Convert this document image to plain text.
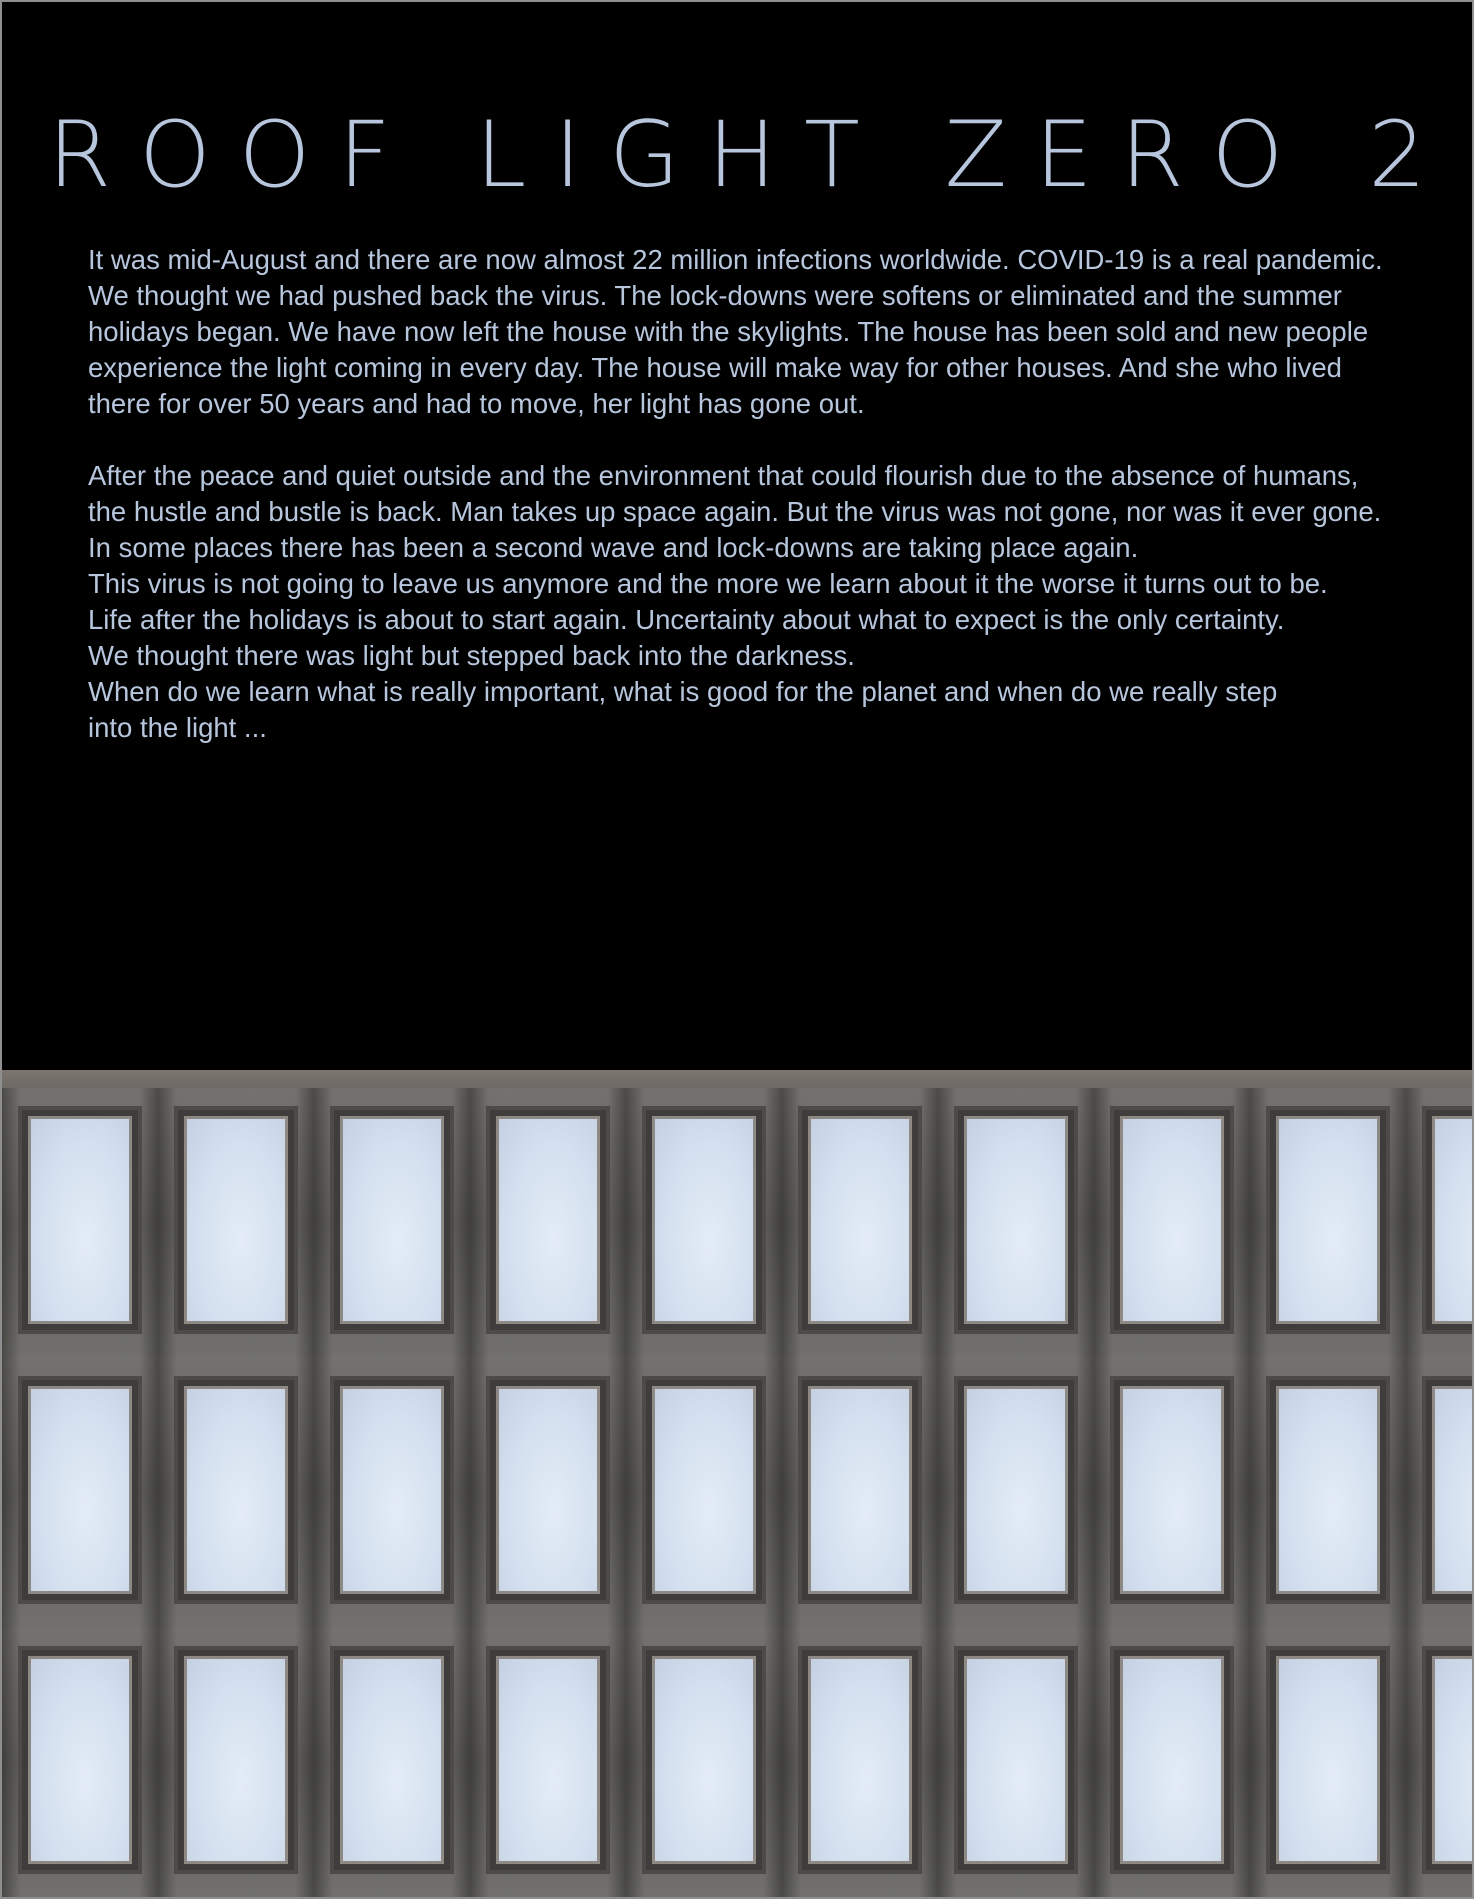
ROOF LIGHT ZERO 2

It was mid-August and there are now almost 22 million infections worldwide. COVID-19 is a real pandemic.
We thought we had pushed back the virus. The lock-downs were softens or eliminated and the summer
holidays began. We have now left the house with the skylights. The house has been sold and new people
experience the light coming in every day. The house will make way for other houses. And she who lived
there for over 50 years and had to move, her light has gone out.

After the peace and quiet outside and the environment that could flourish due to the absence of humans,
the hustle and bustle is back. Man takes up space again. But the virus was not gone, nor was it ever gone.
In some places there has been a second wave and lock-downs are taking place again.
This virus is not going to leave us anymore and the more we learn about it the worse it turns out to be.
Life after the holidays is about to start again. Uncertainty about what to expect is the only certainty.
We thought there was light but stepped back into the darkness.
When do we learn what is really important, what is good for the planet and when do we really step
into the light ...
